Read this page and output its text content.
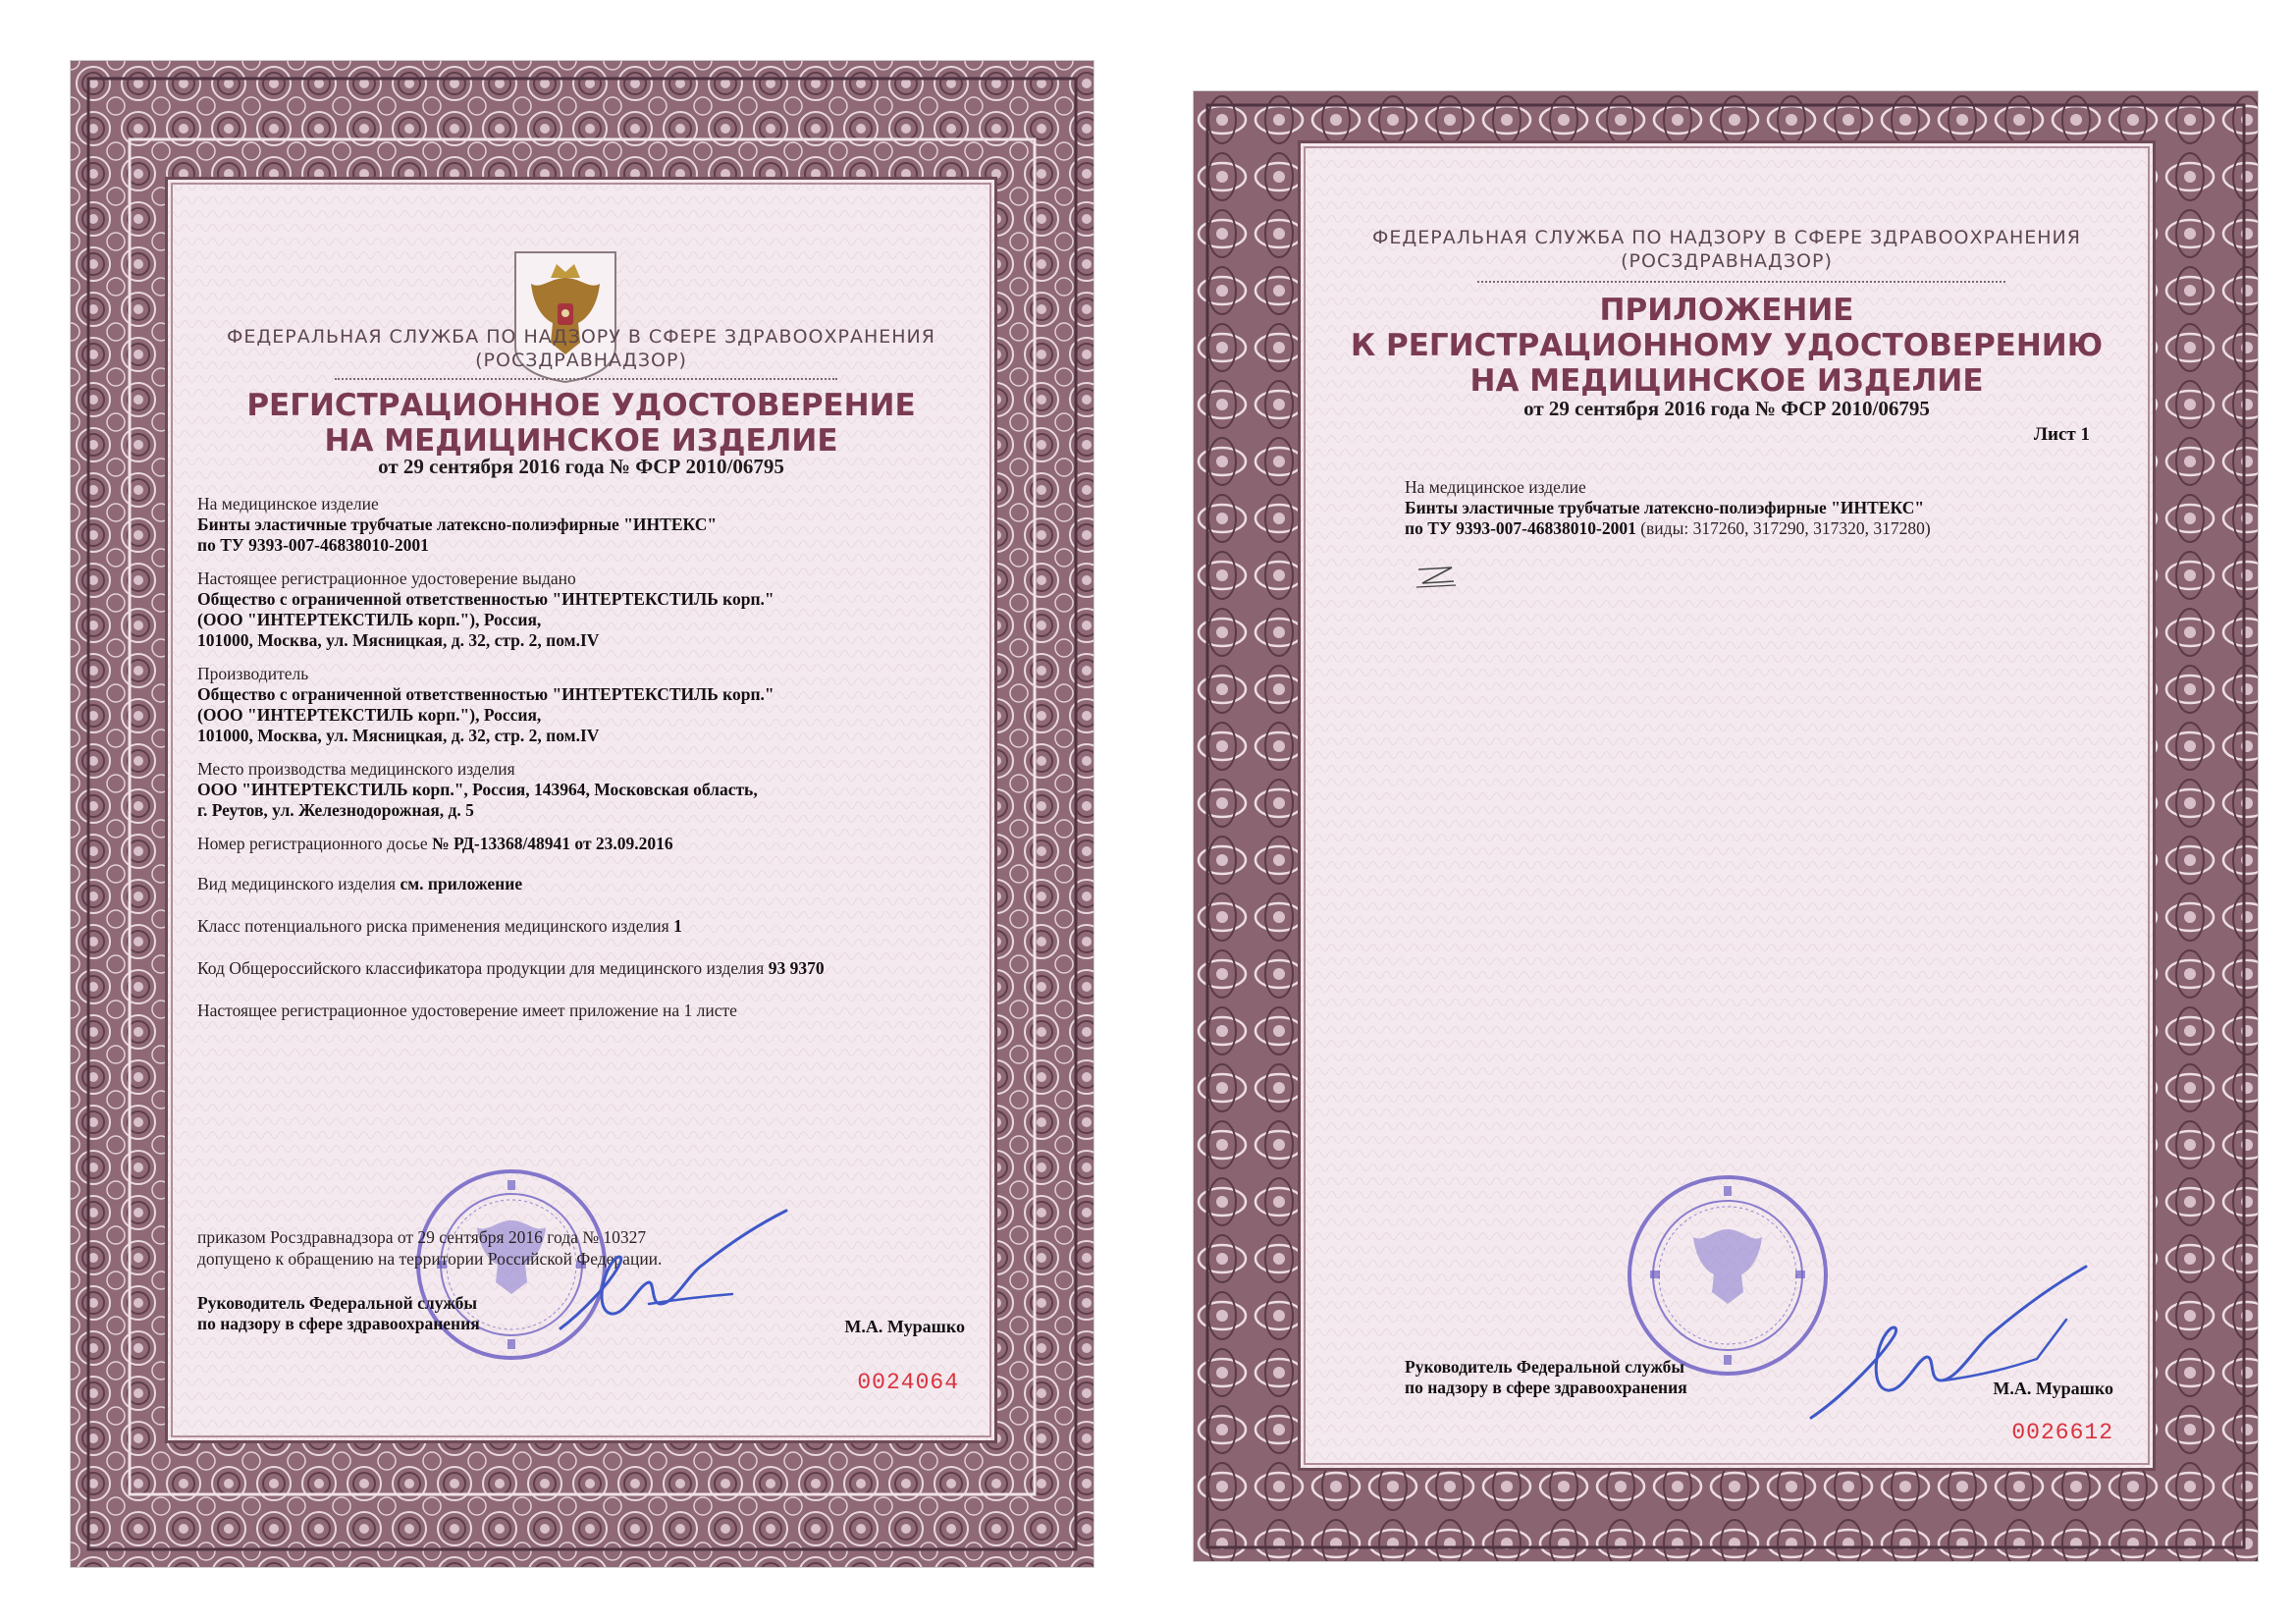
ФЕДЕРАЛЬНАЯ СЛУЖБА ПО НАДЗОРУ В СФЕРЕ ЗДРАВООХРАНЕНИЯ
(РОСЗДРАВНАДЗОР)
РЕГИСТРАЦИОННОЕ УДОСТОВЕРЕНИЕ
НА МЕДИЦИНСКОЕ ИЗДЕЛИЕ
от 29 сентября 2016 года № ФСР 2010/06795
На медицинское изделие
Бинты эластичные трубчатые латексно-полиэфирные "ИНТЕКС"
по ТУ 9393-007-46838010-2001
Настоящее регистрационное удостоверение выдано
Общество с ограниченной ответственностью "ИНТЕРТЕКСТИЛЬ корп."
(ООО "ИНТЕРТЕКСТИЛЬ корп."), Россия,
101000, Москва, ул. Мясницкая, д. 32, стр. 2, пом.IV
Производитель
Общество с ограниченной ответственностью "ИНТЕРТЕКСТИЛЬ корп."
(ООО "ИНТЕРТЕКСТИЛЬ корп."), Россия,
101000, Москва, ул. Мясницкая, д. 32, стр. 2, пом.IV
Место производства медицинского изделия
ООО "ИНТЕРТЕКСТИЛЬ корп.", Россия, 143964, Московская область,
г. Реутов, ул. Железнодорожная, д. 5
Номер регистрационного досье № РД-13368/48941 от 23.09.2016
Вид медицинского изделия см. приложение
Класс потенциального риска применения медицинского изделия 1
Код Общероссийского классификатора продукции для медицинского изделия 93 9370
Настоящее регистрационное удостоверение имеет приложение на 1 листе
приказом Росздравнадзора от 29 сентября 2016 года № 10327
допущено к обращению на территории Российской Федерации.
Руководитель Федеральной службы
по надзору в сфере здравоохранения	М.А. Мурашко
0024064
ФЕДЕРАЛЬНАЯ СЛУЖБА ПО НАДЗОРУ В СФЕРЕ ЗДРАВООХРАНЕНИЯ
(РОСЗДРАВНАДЗОР)
ПРИЛОЖЕНИЕ
К РЕГИСТРАЦИОННОМУ УДОСТОВЕРЕНИЮ
НА МЕДИЦИНСКОЕ ИЗДЕЛИЕ
от 29 сентября 2016 года № ФСР 2010/06795
Лист 1
На медицинское изделие
Бинты эластичные трубчатые латексно-полиэфирные "ИНТЕКС"
по ТУ 9393-007-46838010-2001 (виды: 317260, 317290, 317320, 317280)
Руководитель Федеральной службы
по надзору в сфере здравоохранения	М.А. Мурашко
0026612
